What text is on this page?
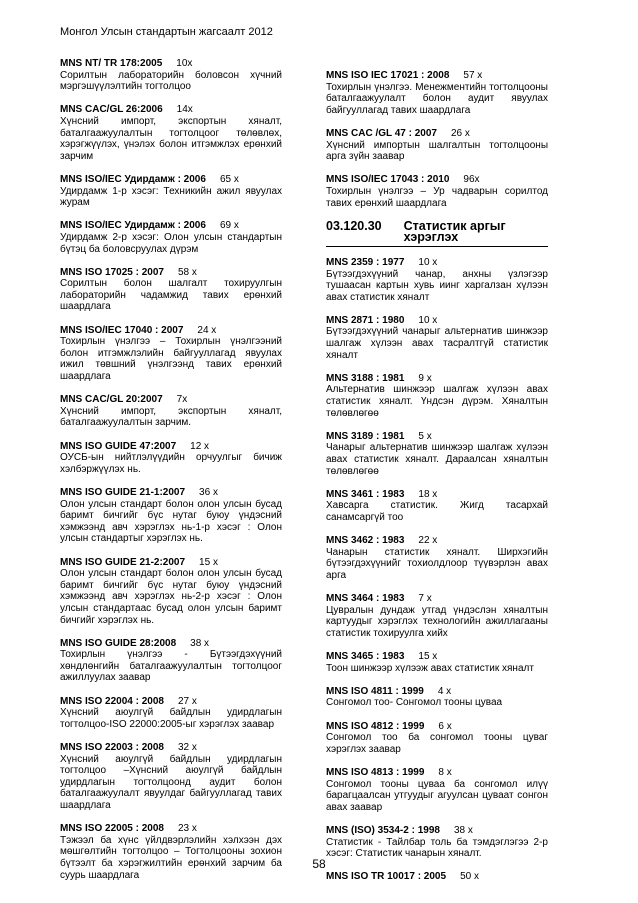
Монгол Улсын стандартын жагсаалт 2012
MNS NT/ TR 178:2005 10x
Сорилтын лабораторийн боловсон хүчний мэргэшүүлэлтийн тогтолцоо
MNS CAC/GL 26:2006 14x
Хүнсний импорт, экспортын хяналт, баталгаажуулалтын тогтолцоог төлөвлөх, хэрэгжүүлэх, үнэлэх болон итгэмжлэх ерөнхий зарчим
MNS ISO/IEC Удирдамж : 2006 65 х
Удирдамж 1-р хэсэг: Техникийн ажил явуулах журам
MNS ISO/IEC Удирдамж : 2006 69 х
Удирдамж 2-р хэсэг: Олон улсын стандартын бүтэц ба боловсруулах дүрэм
MNS ISO 17025 : 2007 58 х
Сорилтын болон шалгалт тохируулгын лабораторийн чадамжид тавих ерөнхий шаардлага
MNS ISO/IEC 17040 : 2007 24 х
Тохирлын үнэлгээ – Тохирлын үнэлгээний болон итгэмжлэлийн байгууллагад явуулах ижил төвшний үнэлгээнд тавих ерөнхий шаардлага
MNS CAC/GL 20:2007 7х
Хүнсний импорт, экспортын хяналт, баталгаажуулалтын зарчим.
MNS ISO GUIDE 47:2007 12 х
ОУСБ-ын нийтлэлүүдийн орчуулгыг бичиж хэлбэржүүлэх нь.
MNS ISO GUIDE 21-1:2007 36 х
Олон улсын стандарт болон олон улсын бусад баримт бичгийг бүс нутаг буюу үндэсний хэмжээнд авч хэрэглэх нь-1-р хэсэг : Олон улсын стандартыг хэрэглэх нь.
MNS ISO GUIDE 21-2:2007 15 х
Олон улсын стандарт болон олон улсын бусад баримт бичгийг бүс нутаг буюу үндэсний хэмжээнд авч хэрэглэх нь-2-р хэсэг : Олон улсын стандартаас бусад олон улсын баримт бичгийг хэрэглэх нь.
MNS ISO GUIDE 28:2008 38 х
Тохирлын үнэлгээ - Бүтээгдэхүүний хөндлөнгийн баталгаажуулалтын тогтолцоог ажиллуулах заавар
MNS ISO 22004 : 2008 27 х
Хүнсний аюулгүй байдлын удирдлагын тогтолцоо-ISO 22000:2005-ыг хэрэглэх заавар
MNS ISO 22003 : 2008 32 х
Хүнсний аюулгүй байдлын удирдлагын тогтолцоо –Хүнсний аюулгүй байдлын удирдлагын тогтолцоонд аудит болон баталгаажуулалт явуулдаг байгууллагад тавих шаардлага
MNS ISO 22005 : 2008 23 х
Тэжээл ба хүнс үйлдвэрлэлийн хэлхээн дэх мөшгөлтийн тогтолцоо – Тогтолцооны зохион бүтээлт ба хэрэгжилтийн ерөнхий зарчим ба суурь шаардлага
MNS ISO IEC 17021 : 2008 57 х
Тохирлын үнэлгээ. Менежментийн тогтолцооны баталгаажуулалт болон аудит явуулах байгууллагад тавих шаардлага
MNS CAC /GL 47 : 2007 26 х
Хүнсний импортын шалгалтын тогтолцооны арга зүйн заавар
MNS ISO/IEC 17043 : 2010 96х
Тохирлын үнэлгээ – Ур чадварын сорилтод тавих ерөнхий шаардлага
03.120.30 Статистик аргыг хэрэглэх
MNS 2359 : 1977 10 х
Бүтээгдэхүүний чанар, анхны үзлэгээр тушаасан картын хувь иинг харгалзан хүлээн авах статистик хяналт
MNS 2871 : 1980 10 х
Бүтээгдэхүүний чанарыг альтернатив шинжээр шалгаж хүлээн авах тасралтгүй статистик хяналт
MNS 3188 : 1981 9 х
Альтернатив шинжээр шалгаж хүлээн авах статистик хяналт. Үндсэн дүрэм. Хяналтын төлөвлөгөө
MNS 3189 : 1981 5 х
Чанарыг альтернатив шинжээр шалгаж хүлээн авах статистик хяналт. Дараалсан хяналтын төлөвлөгөө
MNS 3461 : 1983 18 х
Хавсарга статистик. Жигд тасархай санамсаргүй тоо
MNS 3462 : 1983 22 х
Чанарын статистик хяналт. Ширхэгийн бүтээгдэхүүнийг тохиолдлоор түүвэрлэн авах арга
MNS 3464 : 1983 7 х
Цувралын дундаж утгад үндэслэн хяналтын картуудыг хэрэглэх технологийн ажиллагааны статистик тохируулга хийх
MNS 3465 : 1983 15 х
Тоон шинжээр хүлээж авах статистик хяналт
MNS ISO 4811 : 1999 4 х
Сонгомол тоо- Сонгомол тооны цуваа
MNS ISO 4812 : 1999 6 х
Сонгомол тоо ба сонгомол тооны цуваг хэрэглэх заавар
MNS ISO 4813 : 1999 8 х
Сонгомол тооны цуваа ба сонгомол илүү барагцаалсан утгуудыг агуулсан цуваат сонгон авах заавар
MNS (ISO) 3534-2 : 1998 38 х
Статистик - Тайлбар толь ба тэмдэглэгээ 2-р хэсэг: Статистик чанарын хяналт.
MNS ISO TR 10017 : 2005 50 х
58
